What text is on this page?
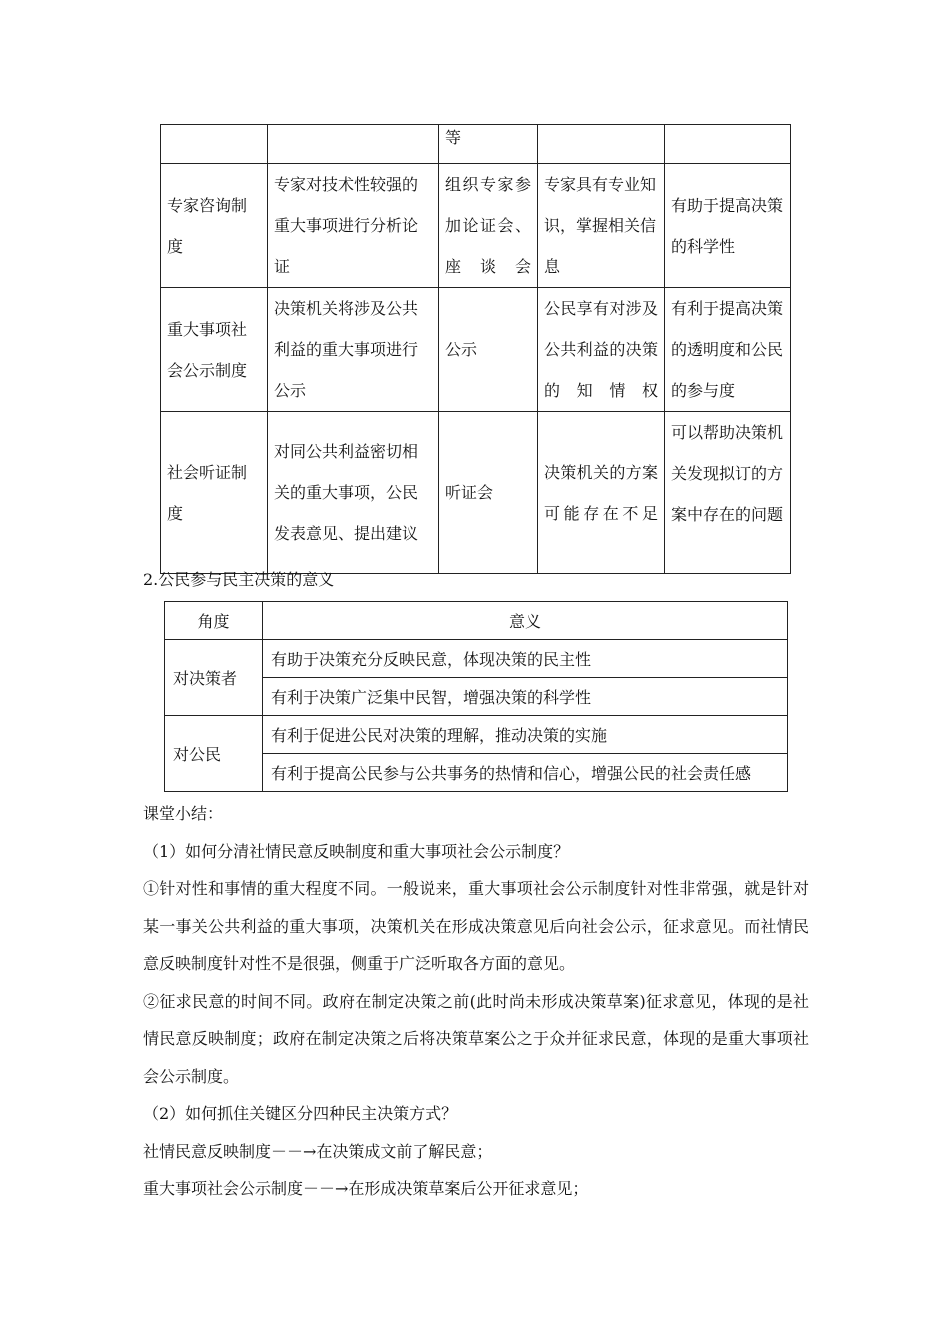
		等		
专家咨询制度	专家对技术性较强的重大事项进行分析论证	组织专家参加论证会、座谈会	专家具有专业知识，掌握相关信息	有助于提高决策的科学性
重大事项社会公示制度	决策机关将涉及公共利益的重大事项进行公示	公示	公民享有对涉及公共利益的决策的知情权	有利于提高决策的透明度和公民的参与度
社会听证制度	对同公共利益密切相关的重大事项，公民发表意见、提出建议	听证会	决策机关的方案可能存在不足	可以帮助决策机关发现拟订的方案中存在的问题
2.公民参与民主决策的意义
角度	意义
对决策者	有助于决策充分反映民意，体现决策的民主性
	有利于决策广泛集中民智，增强决策的科学性
对公民	有利于促进公民对决策的理解，推动决策的实施
	有利于提高公民参与公共事务的热情和信心，增强公民的社会责任感

课堂小结：

（1）如何分清社情民意反映制度和重大事项社会公示制度？

①针对性和事情的重大程度不同。一般说来，重大事项社会公示制度针对性非常强，就是针对某一事关公共利益的重大事项，决策机关在形成决策意见后向社会公示，征求意见。而社情民意反映制度针对性不是很强，侧重于广泛听取各方面的意见。

②征求民意的时间不同。政府在制定决策之前(此时尚未形成决策草案)征求意见，体现的是社情民意反映制度；政府在制定决策之后将决策草案公之于众并征求民意，体现的是重大事项社会公示制度。

（2）如何抓住关键区分四种民主决策方式？

社情民意反映制度－－→在决策成文前了解民意；

重大事项社会公示制度－－→在形成决策草案后公开征求意见；
